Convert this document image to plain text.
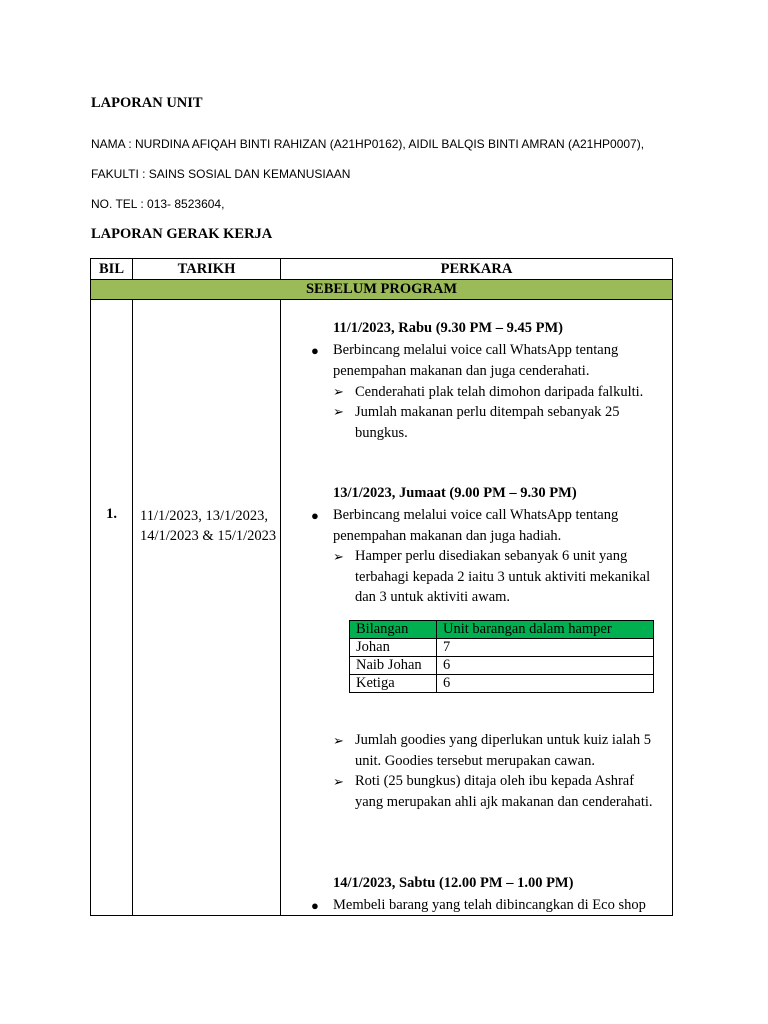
LAPORAN UNIT
NAMA : NURDINA AFIQAH BINTI RAHIZAN (A21HP0162), AIDIL BALQIS BINTI AMRAN (A21HP0007),
FAKULTI : SAINS SOSIAL DAN KEMANUSIAAN
NO. TEL : 013- 8523604,
LAPORAN GERAK KERJA
BIL	TARIKH	PERKARA
SEBELUM PROGRAM

1.	11/1/2023, 13/1/2023, 14/1/2023 & 15/1/2023

11/1/2023, Rabu (9.30 PM – 9.45 PM)
● Berbincang melalui voice call WhatsApp tentang penempahan makanan dan juga cenderahati.
➢ Cenderahati plak telah dimohon daripada falkulti.
➢ Jumlah makanan perlu ditempah sebanyak 25 bungkus.
13/1/2023, Jumaat (9.00 PM – 9.30 PM)
● Berbincang melalui voice call WhatsApp tentang penempahan makanan dan juga hadiah.
➢ Hamper perlu disediakan sebanyak 6 unit yang terbahagi kepada 2 iaitu 3 untuk aktiviti mekanikal dan 3 untuk aktiviti awam.
Bilangan	Unit barangan dalam hamper
Johan	7
Naib Johan	6
Ketiga	6
➢ Jumlah goodies yang diperlukan untuk kuiz ialah 5 unit. Goodies tersebut merupakan cawan.
➢ Roti (25 bungkus) ditaja oleh ibu kepada Ashraf yang merupakan ahli ajk makanan dan cenderahati.
14/1/2023, Sabtu (12.00 PM – 1.00 PM)
● Membeli barang yang telah dibincangkan di Eco shop
